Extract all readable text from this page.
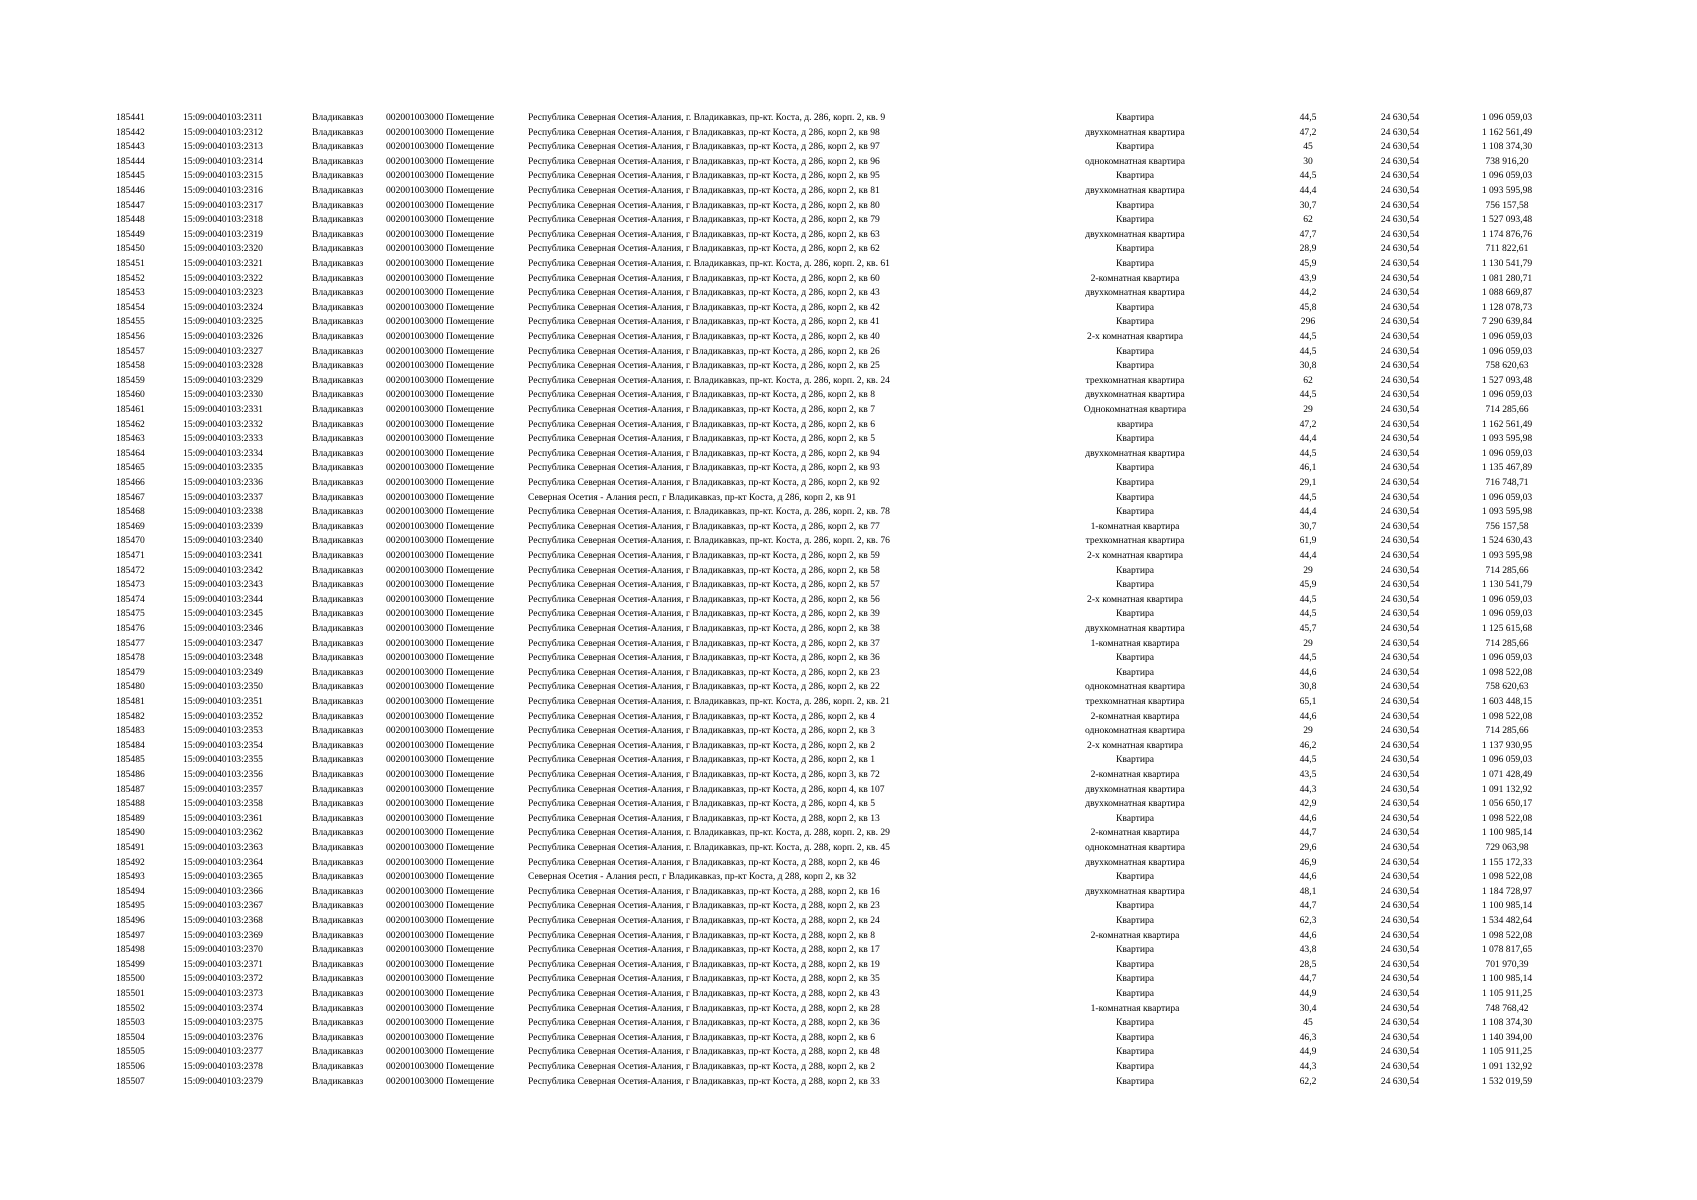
185441	15:09:0040103:2311	Владикавказ 002001003000 Помещение	Республика Северная Осетия-Алания, г. Владикавказ, пр-кт. Коста, д. 286, корп. 2, кв. 9	Квартира	44,5	24 630,54	1 096 059,03
185442	15:09:0040103:2312	Владикавказ 002001003000 Помещение	Республика Северная Осетия-Алания, г Владикавказ, пр-кт Коста, д 286, корп 2, кв 98	двухкомнатная квартира	47,2	24 630,54	1 162 561,49
185443	15:09:0040103:2313	Владикавказ 002001003000 Помещение	Республика Северная Осетия-Алания, г Владикавказ, пр-кт Коста, д 286, корп 2, кв 97	Квартира	45	24 630,54	1 108 374,30
185444	15:09:0040103:2314	Владикавказ 002001003000 Помещение	Республика Северная Осетия-Алания, г Владикавказ, пр-кт Коста, д 286, корп 2, кв 96	однокомнатная квартира	30	24 630,54	738 916,20
185445	15:09:0040103:2315	Владикавказ 002001003000 Помещение	Республика Северная Осетия-Алания, г Владикавказ, пр-кт Коста, д 286, корп 2, кв 95	Квартира	44,5	24 630,54	1 096 059,03
185446	15:09:0040103:2316	Владикавказ 002001003000 Помещение	Республика Северная Осетия-Алания, г Владикавказ, пр-кт Коста, д 286, корп 2, кв 81	двухкомнатная квартира	44,4	24 630,54	1 093 595,98
185447	15:09:0040103:2317	Владикавказ 002001003000 Помещение	Республика Северная Осетия-Алания, г Владикавказ, пр-кт Коста, д 286, корп 2, кв 80	Квартира	30,7	24 630,54	756 157,58
185448	15:09:0040103:2318	Владикавказ 002001003000 Помещение	Республика Северная Осетия-Алания, г Владикавказ, пр-кт Коста, д 286, корп 2, кв 79	Квартира	62	24 630,54	1 527 093,48
185449	15:09:0040103:2319	Владикавказ 002001003000 Помещение	Республика Северная Осетия-Алания, г Владикавказ, пр-кт Коста, д 286, корп 2, кв 63	двухкомнатная квартира	47,7	24 630,54	1 174 876,76
185450	15:09:0040103:2320	Владикавказ 002001003000 Помещение	Республика Северная Осетия-Алания, г Владикавказ, пр-кт Коста, д 286, корп 2, кв 62	Квартира	28,9	24 630,54	711 822,61
185451	15:09:0040103:2321	Владикавказ 002001003000 Помещение	Республика Северная Осетия-Алания, г. Владикавказ, пр-кт. Коста, д. 286, корп. 2, кв. 61	Квартира	45,9	24 630,54	1 130 541,79
185452	15:09:0040103:2322	Владикавказ 002001003000 Помещение	Республика Северная Осетия-Алания, г Владикавказ, пр-кт Коста, д 286, корп 2, кв 60	2-комнатная квартира	43,9	24 630,54	1 081 280,71
185453	15:09:0040103:2323	Владикавказ 002001003000 Помещение	Республика Северная Осетия-Алания, г Владикавказ, пр-кт Коста, д 286, корп 2, кв 43	двухкомнатная квартира	44,2	24 630,54	1 088 669,87
185454	15:09:0040103:2324	Владикавказ 002001003000 Помещение	Республика Северная Осетия-Алания, г Владикавказ, пр-кт Коста, д 286, корп 2, кв 42	Квартира	45,8	24 630,54	1 128 078,73
185455	15:09:0040103:2325	Владикавказ 002001003000 Помещение	Республика Северная Осетия-Алания, г Владикавказ, пр-кт Коста, д 286, корп 2, кв 41	Квартира	296	24 630,54	7 290 639,84
185456	15:09:0040103:2326	Владикавказ 002001003000 Помещение	Республика Северная Осетия-Алания, г Владикавказ, пр-кт Коста, д 286, корп 2, кв 40	2-х комнатная квартира	44,5	24 630,54	1 096 059,03
185457	15:09:0040103:2327	Владикавказ 002001003000 Помещение	Республика Северная Осетия-Алания, г Владикавказ, пр-кт Коста, д 286, корп 2, кв 26	Квартира	44,5	24 630,54	1 096 059,03
185458	15:09:0040103:2328	Владикавказ 002001003000 Помещение	Республика Северная Осетия-Алания, г Владикавказ, пр-кт Коста, д 286, корп 2, кв 25	Квартира	30,8	24 630,54	758 620,63
185459	15:09:0040103:2329	Владикавказ 002001003000 Помещение	Республика Северная Осетия-Алания, г. Владикавказ, пр-кт. Коста, д. 286, корп. 2, кв. 24	трехкомнатная квартира	62	24 630,54	1 527 093,48
185460	15:09:0040103:2330	Владикавказ 002001003000 Помещение	Республика Северная Осетия-Алания, г Владикавказ, пр-кт Коста, д 286, корп 2, кв 8	двухкомнатная квартира	44,5	24 630,54	1 096 059,03
185461	15:09:0040103:2331	Владикавказ 002001003000 Помещение	Республика Северная Осетия-Алания, г Владикавказ, пр-кт Коста, д 286, корп 2, кв 7	Однокомнатная квартира	29	24 630,54	714 285,66
185462	15:09:0040103:2332	Владикавказ 002001003000 Помещение	Республика Северная Осетия-Алания, г Владикавказ, пр-кт Коста, д 286, корп 2, кв 6	квартира	47,2	24 630,54	1 162 561,49
185463	15:09:0040103:2333	Владикавказ 002001003000 Помещение	Республика Северная Осетия-Алания, г Владикавказ, пр-кт Коста, д 286, корп 2, кв 5	Квартира	44,4	24 630,54	1 093 595,98
185464	15:09:0040103:2334	Владикавказ 002001003000 Помещение	Республика Северная Осетия-Алания, г Владикавказ, пр-кт Коста, д 286, корп 2, кв 94	двухкомнатная квартира	44,5	24 630,54	1 096 059,03
185465	15:09:0040103:2335	Владикавказ 002001003000 Помещение	Республика Северная Осетия-Алания, г Владикавказ, пр-кт Коста, д 286, корп 2, кв 93	Квартира	46,1	24 630,54	1 135 467,89
185466	15:09:0040103:2336	Владикавказ 002001003000 Помещение	Республика Северная Осетия-Алания, г Владикавказ, пр-кт Коста, д 286, корп 2, кв 92	Квартира	29,1	24 630,54	716 748,71
185467	15:09:0040103:2337	Владикавказ 002001003000 Помещение	Северная Осетия - Алания респ, г Владикавказ, пр-кт Коста, д 286, корп 2, кв 91	Квартира	44,5	24 630,54	1 096 059,03
185468	15:09:0040103:2338	Владикавказ 002001003000 Помещение	Республика Северная Осетия-Алания, г. Владикавказ, пр-кт. Коста, д. 286, корп. 2, кв. 78	Квартира	44,4	24 630,54	1 093 595,98
185469	15:09:0040103:2339	Владикавказ 002001003000 Помещение	Республика Северная Осетия-Алания, г Владикавказ, пр-кт Коста, д 286, корп 2, кв 77	1-комнатная квартира	30,7	24 630,54	756 157,58
185470	15:09:0040103:2340	Владикавказ 002001003000 Помещение	Республика Северная Осетия-Алания, г. Владикавказ, пр-кт. Коста, д. 286, корп. 2, кв. 76	трехкомнатная квартира	61,9	24 630,54	1 524 630,43
185471	15:09:0040103:2341	Владикавказ 002001003000 Помещение	Республика Северная Осетия-Алания, г Владикавказ, пр-кт Коста, д 286, корп 2, кв 59	2-х комнатная квартира	44,4	24 630,54	1 093 595,98
185472	15:09:0040103:2342	Владикавказ 002001003000 Помещение	Республика Северная Осетия-Алания, г Владикавказ, пр-кт Коста, д 286, корп 2, кв 58	Квартира	29	24 630,54	714 285,66
185473	15:09:0040103:2343	Владикавказ 002001003000 Помещение	Республика Северная Осетия-Алания, г Владикавказ, пр-кт Коста, д 286, корп 2, кв 57	Квартира	45,9	24 630,54	1 130 541,79
185474	15:09:0040103:2344	Владикавказ 002001003000 Помещение	Республика Северная Осетия-Алания, г Владикавказ, пр-кт Коста, д 286, корп 2, кв 56	2-х комнатная квартира	44,5	24 630,54	1 096 059,03
185475	15:09:0040103:2345	Владикавказ 002001003000 Помещение	Республика Северная Осетия-Алания, г Владикавказ, пр-кт Коста, д 286, корп 2, кв 39	Квартира	44,5	24 630,54	1 096 059,03
185476	15:09:0040103:2346	Владикавказ 002001003000 Помещение	Республика Северная Осетия-Алания, г Владикавказ, пр-кт Коста, д 286, корп 2, кв 38	двухкомнатная квартира	45,7	24 630,54	1 125 615,68
185477	15:09:0040103:2347	Владикавказ 002001003000 Помещение	Республика Северная Осетия-Алания, г Владикавказ, пр-кт Коста, д 286, корп 2, кв 37	1-комнатная квартира	29	24 630,54	714 285,66
185478	15:09:0040103:2348	Владикавказ 002001003000 Помещение	Республика Северная Осетия-Алания, г Владикавказ, пр-кт Коста, д 286, корп 2, кв 36	Квартира	44,5	24 630,54	1 096 059,03
185479	15:09:0040103:2349	Владикавказ 002001003000 Помещение	Республика Северная Осетия-Алания, г Владикавказ, пр-кт Коста, д 286, корп 2, кв 23	Квартира	44,6	24 630,54	1 098 522,08
185480	15:09:0040103:2350	Владикавказ 002001003000 Помещение	Республика Северная Осетия-Алания, г Владикавказ, пр-кт Коста, д 286, корп 2, кв 22	однокомнатная квартира	30,8	24 630,54	758 620,63
185481	15:09:0040103:2351	Владикавказ 002001003000 Помещение	Республика Северная Осетия-Алания, г. Владикавказ, пр-кт. Коста, д. 286, корп. 2, кв. 21	трехкомнатная квартира	65,1	24 630,54	1 603 448,15
185482	15:09:0040103:2352	Владикавказ 002001003000 Помещение	Республика Северная Осетия-Алания, г Владикавказ, пр-кт Коста, д 286, корп 2, кв 4	2-комнатная квартира	44,6	24 630,54	1 098 522,08
185483	15:09:0040103:2353	Владикавказ 002001003000 Помещение	Республика Северная Осетия-Алания, г Владикавказ, пр-кт Коста, д 286, корп 2, кв 3	однокомнатная квартира	29	24 630,54	714 285,66
185484	15:09:0040103:2354	Владикавказ 002001003000 Помещение	Республика Северная Осетия-Алания, г Владикавказ, пр-кт Коста, д 286, корп 2, кв 2	2-х комнатная квартира	46,2	24 630,54	1 137 930,95
185485	15:09:0040103:2355	Владикавказ 002001003000 Помещение	Республика Северная Осетия-Алания, г Владикавказ, пр-кт Коста, д 286, корп 2, кв 1	Квартира	44,5	24 630,54	1 096 059,03
185486	15:09:0040103:2356	Владикавказ 002001003000 Помещение	Республика Северная Осетия-Алания, г Владикавказ, пр-кт Коста, д 286, корп 3, кв 72	2-комнатная квартира	43,5	24 630,54	1 071 428,49
185487	15:09:0040103:2357	Владикавказ 002001003000 Помещение	Республика Северная Осетия-Алания, г Владикавказ, пр-кт Коста, д 286, корп 4, кв 107	двухкомнатная квартира	44,3	24 630,54	1 091 132,92
185488	15:09:0040103:2358	Владикавказ 002001003000 Помещение	Республика Северная Осетия-Алания, г Владикавказ, пр-кт Коста, д 286, корп 4, кв 5	двухкомнатная квартира	42,9	24 630,54	1 056 650,17
185489	15:09:0040103:2361	Владикавказ 002001003000 Помещение	Республика Северная Осетия-Алания, г Владикавказ, пр-кт Коста, д 288, корп 2, кв 13	Квартира	44,6	24 630,54	1 098 522,08
185490	15:09:0040103:2362	Владикавказ 002001003000 Помещение	Республика Северная Осетия-Алания, г. Владикавказ, пр-кт. Коста, д. 288, корп. 2, кв. 29	2-комнатная квартира	44,7	24 630,54	1 100 985,14
185491	15:09:0040103:2363	Владикавказ 002001003000 Помещение	Республика Северная Осетия-Алания, г. Владикавказ, пр-кт. Коста, д. 288, корп. 2, кв. 45	однокомнатная квартира	29,6	24 630,54	729 063,98
185492	15:09:0040103:2364	Владикавказ 002001003000 Помещение	Республика Северная Осетия-Алания, г Владикавказ, пр-кт Коста, д 288, корп 2, кв 46	двухкомнатная квартира	46,9	24 630,54	1 155 172,33
185493	15:09:0040103:2365	Владикавказ 002001003000 Помещение	Северная Осетия - Алания респ, г Владикавказ, пр-кт Коста, д 288, корп 2, кв 32	Квартира	44,6	24 630,54	1 098 522,08
185494	15:09:0040103:2366	Владикавказ 002001003000 Помещение	Республика Северная Осетия-Алания, г Владикавказ, пр-кт Коста, д 288, корп 2, кв 16	двухкомнатная квартира	48,1	24 630,54	1 184 728,97
185495	15:09:0040103:2367	Владикавказ 002001003000 Помещение	Республика Северная Осетия-Алания, г Владикавказ, пр-кт Коста, д 288, корп 2, кв 23	Квартира	44,7	24 630,54	1 100 985,14
185496	15:09:0040103:2368	Владикавказ 002001003000 Помещение	Республика Северная Осетия-Алания, г Владикавказ, пр-кт Коста, д 288, корп 2, кв 24	Квартира	62,3	24 630,54	1 534 482,64
185497	15:09:0040103:2369	Владикавказ 002001003000 Помещение	Республика Северная Осетия-Алания, г Владикавказ, пр-кт Коста, д 288, корп 2, кв 8	2-комнатная квартира	44,6	24 630,54	1 098 522,08
185498	15:09:0040103:2370	Владикавказ 002001003000 Помещение	Республика Северная Осетия-Алания, г Владикавказ, пр-кт Коста, д 288, корп 2, кв 17	Квартира	43,8	24 630,54	1 078 817,65
185499	15:09:0040103:2371	Владикавказ 002001003000 Помещение	Республика Северная Осетия-Алания, г Владикавказ, пр-кт Коста, д 288, корп 2, кв 19	Квартира	28,5	24 630,54	701 970,39
185500	15:09:0040103:2372	Владикавказ 002001003000 Помещение	Республика Северная Осетия-Алания, г Владикавказ, пр-кт Коста, д 288, корп 2, кв 35	Квартира	44,7	24 630,54	1 100 985,14
185501	15:09:0040103:2373	Владикавказ 002001003000 Помещение	Республика Северная Осетия-Алания, г Владикавказ, пр-кт Коста, д 288, корп 2, кв 43	Квартира	44,9	24 630,54	1 105 911,25
185502	15:09:0040103:2374	Владикавказ 002001003000 Помещение	Республика Северная Осетия-Алания, г Владикавказ, пр-кт Коста, д 288, корп 2, кв 28	1-комнатная квартира	30,4	24 630,54	748 768,42
185503	15:09:0040103:2375	Владикавказ 002001003000 Помещение	Республика Северная Осетия-Алания, г Владикавказ, пр-кт Коста, д 288, корп 2, кв 36	Квартира	45	24 630,54	1 108 374,30
185504	15:09:0040103:2376	Владикавказ 002001003000 Помещение	Республика Северная Осетия-Алания, г Владикавказ, пр-кт Коста, д 288, корп 2, кв 6	Квартира	46,3	24 630,54	1 140 394,00
185505	15:09:0040103:2377	Владикавказ 002001003000 Помещение	Республика Северная Осетия-Алания, г Владикавказ, пр-кт Коста, д 288, корп 2, кв 48	Квартира	44,9	24 630,54	1 105 911,25
185506	15:09:0040103:2378	Владикавказ 002001003000 Помещение	Республика Северная Осетия-Алания, г Владикавказ, пр-кт Коста, д 288, корп 2, кв 2	Квартира	44,3	24 630,54	1 091 132,92
185507	15:09:0040103:2379	Владикавказ 002001003000 Помещение	Республика Северная Осетия-Алания, г Владикавказ, пр-кт Коста, д 288, корп 2, кв 33	Квартира	62,2	24 630,54	1 532 019,59
